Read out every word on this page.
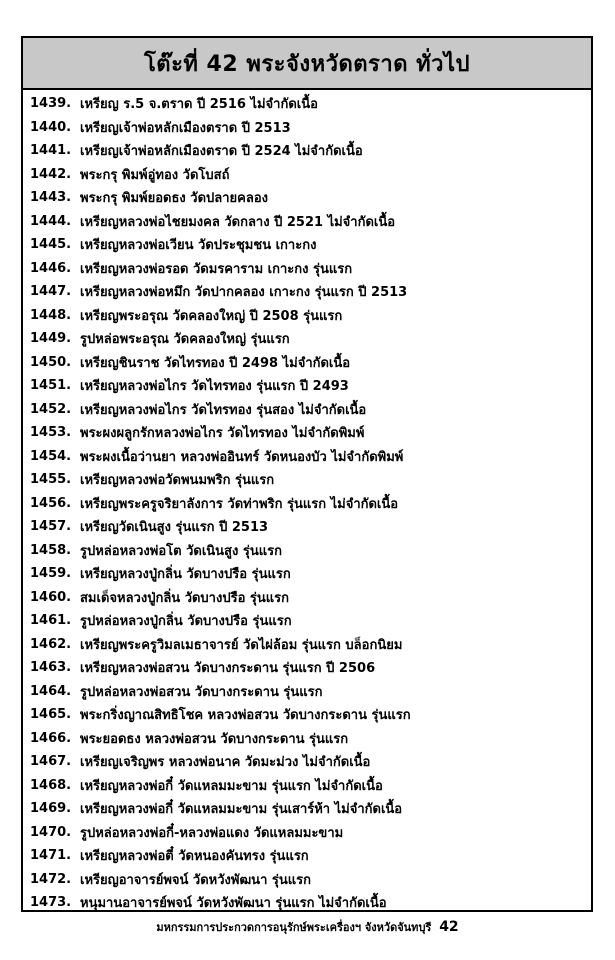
โต๊ะที่ 42 พระจังหวัดตราด ทั่วไป
1439. เหรียญ ร.5 จ.ตราด ปี 2516 ไม่จำกัดเนื้อ
1440. เหรียญเจ้าพ่อหลักเมืองตราด ปี 2513
1441. เหรียญเจ้าพ่อหลักเมืองตราด ปี 2524 ไม่จำกัดเนื้อ
1442. พระกรุ พิมพ์อู่ทอง วัดโบสถ์
1443. พระกรุ พิมพ์ยอดธง วัดปลายคลอง
1444. เหรียญหลวงพ่อไชยมงคล วัดกลาง ปี 2521 ไม่จำกัดเนื้อ
1445. เหรียญหลวงพ่อเวียน วัดประชุมชน เกาะกง
1446. เหรียญหลวงพ่อรอด วัดมรคาราม เกาะกง รุ่นแรก
1447. เหรียญหลวงพ่อหมึก วัดปากคลอง เกาะกง รุ่นแรก ปี 2513
1448. เหรียญพระอรุณ วัดคลองใหญ่ ปี 2508 รุ่นแรก
1449. รูปหล่อพระอรุณ วัดคลองใหญ่ รุ่นแรก
1450. เหรียญชินราช วัดไทรทอง ปี 2498 ไม่จำกัดเนื้อ
1451. เหรียญหลวงพ่อไกร วัดไทรทอง รุ่นแรก ปี 2493
1452. เหรียญหลวงพ่อไกร วัดไทรทอง รุ่นสอง ไม่จำกัดเนื้อ
1453. พระผงผลูกรักหลวงพ่อไกร วัดไทรทอง ไม่จำกัดพิมพ์
1454. พระผงเนื้อว่านยา หลวงพ่ออินทร์ วัดหนองบัว ไม่จำกัดพิมพ์
1455. เหรียญหลวงพ่อวัดพนมพริก รุ่นแรก
1456. เหรียญพระครูจริยาลังการ วัดท่าพริก รุ่นแรก ไม่จำกัดเนื้อ
1457. เหรียญวัดเนินสูง รุ่นแรก ปี 2513
1458. รูปหล่อหลวงพ่อโต วัดเนินสูง รุ่นแรก
1459. เหรียญหลวงปู่กลิ่น วัดบางปรือ รุ่นแรก
1460. สมเด็จหลวงปู่กลิ่น วัดบางปรือ รุ่นแรก
1461. รูปหล่อหลวงปู่กลิ่น วัดบางปรือ รุ่นแรก
1462. เหรียญพระครูวิมลเมธาจารย์ วัดไผ่ล้อม รุ่นแรก บล็อกนิยม
1463. เหรียญหลวงพ่อสวน วัดบางกระดาน รุ่นแรก ปี 2506
1464. รูปหล่อหลวงพ่อสวน วัดบางกระดาน รุ่นแรก
1465. พระกริ่งญาณสิทธิโชค หลวงพ่อสวน วัดบางกระดาน รุ่นแรก
1466. พระยอดธง หลวงพ่อสวน วัดบางกระดาน รุ่นแรก
1467. เหรียญเจริญพร หลวงพ่อนาค วัดมะม่วง ไม่จำกัดเนื้อ
1468. เหรียญหลวงพ่อกี๋ วัดแหลมมะขาม รุ่นแรก ไม่จำกัดเนื้อ
1469. เหรียญหลวงพ่อกี๋ วัดแหลมมะขาม รุ่นเสาร์ห้า ไม่จำกัดเนื้อ
1470. รูปหล่อหลวงพ่อกี๋-หลวงพ่อแดง วัดแหลมมะขาม
1471. เหรียญหลวงพ่อตี๋ วัดหนองคันทรง รุ่นแรก
1472. เหรียญอาจารย์พจน์ วัดหวังพัฒนา รุ่นแรก
1473. หนุมานอาจารย์พจน์ วัดหวังพัฒนา รุ่นแรก ไม่จำกัดเนื้อ
มหกรรมการประกวดการอนุรักษ์พระเครื่องฯ จังหวัดจันทบุรี 42
